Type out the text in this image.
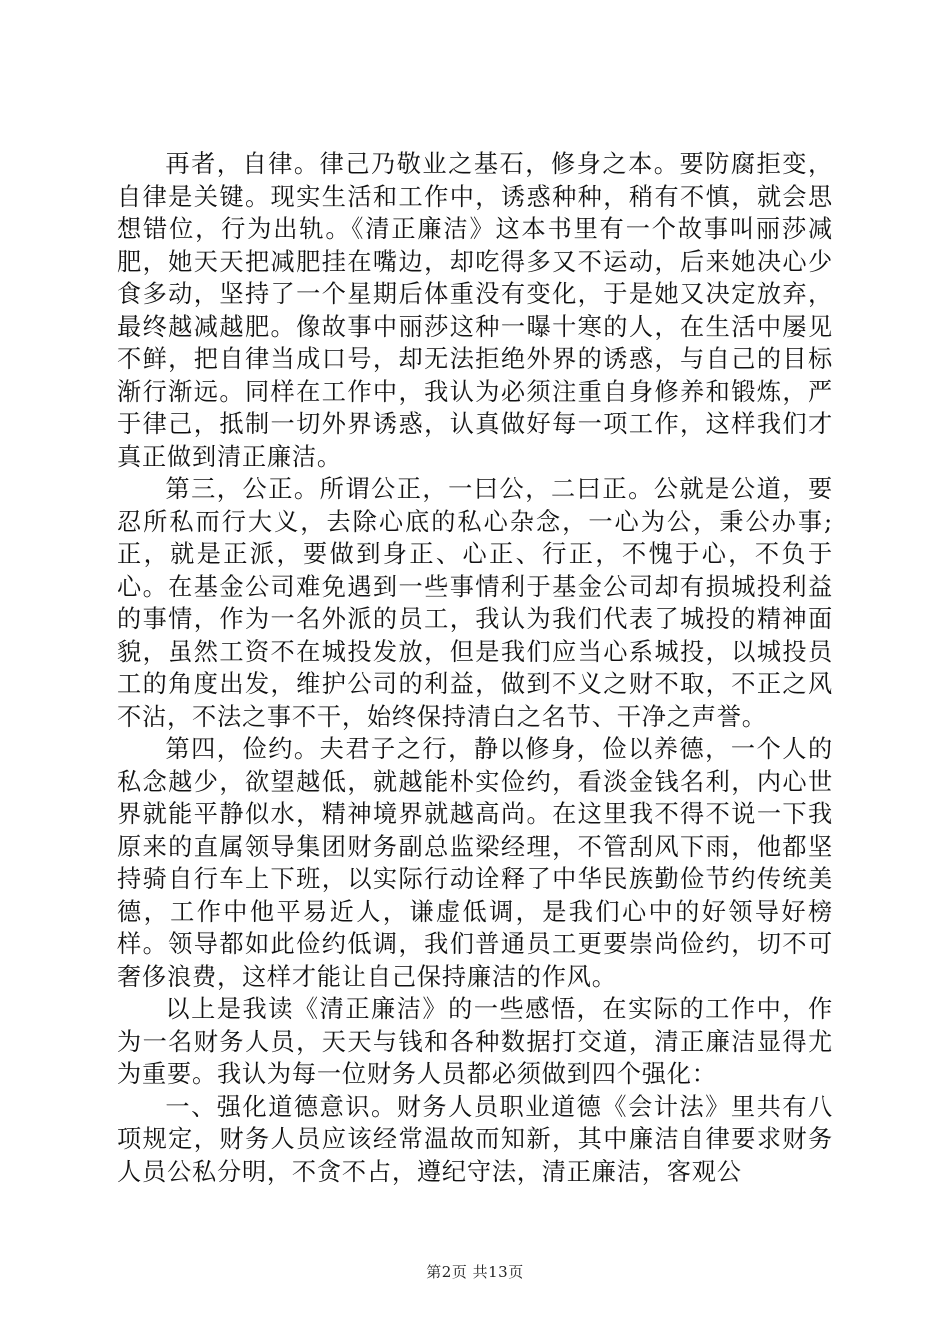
再者，自律。律己乃敬业之基石，修身之本。要防腐拒变，自律是关键。现实生活和工作中，诱惑种种，稍有不慎，就会思想错位，行为出轨。《清正廉洁》这本书里有一个故事叫丽莎减肥，她天天把减肥挂在嘴边，却吃得多又不运动，后来她决心少食多动，坚持了一个星期后体重没有变化，于是她又决定放弃，最终越减越肥。像故事中丽莎这种一曝十寒的人，在生活中屡见不鲜，把自律当成口号，却无法拒绝外界的诱惑，与自己的目标渐行渐远。同样在工作中，我认为必须注重自身修养和锻炼，严于律己，抵制一切外界诱惑，认真做好每一项工作，这样我们才真正做到清正廉洁。

第三，公正。所谓公正，一曰公，二曰正。公就是公道，要忍所私而行大义，去除心底的私心杂念，一心为公，秉公办事;正，就是正派，要做到身正、心正、行正，不愧于心，不负于心。在基金公司难免遇到一些事情利于基金公司却有损城投利益的事情，作为一名外派的员工，我认为我们代表了城投的精神面貌，虽然工资不在城投发放，但是我们应当心系城投，以城投员工的角度出发，维护公司的利益，做到不义之财不取，不正之风不沾，不法之事不干，始终保持清白之名节、干净之声誉。

第四，俭约。夫君子之行，静以修身，俭以养德，一个人的私念越少，欲望越低，就越能朴实俭约，看淡金钱名利，内心世界就能平静似水，精神境界就越高尚。在这里我不得不说一下我原来的直属领导集团财务副总监梁经理，不管刮风下雨，他都坚持骑自行车上下班，以实际行动诠释了中华民族勤俭节约传统美德，工作中他平易近人，谦虚低调，是我们心中的好领导好榜样。领导都如此俭约低调，我们普通员工更要崇尚俭约，切不可奢侈浪费，这样才能让自己保持廉洁的作风。

以上是我读《清正廉洁》的一些感悟，在实际的工作中，作为一名财务人员，天天与钱和各种数据打交道，清正廉洁显得尤为重要。我认为每一位财务人员都必须做到四个强化：

一、强化道德意识。财务人员职业道德《会计法》里共有八项规定，财务人员应该经常温故而知新，其中廉洁自律要求财务人员公私分明，不贪不占，遵纪守法，清正廉洁，客观公

第2页 共13页
